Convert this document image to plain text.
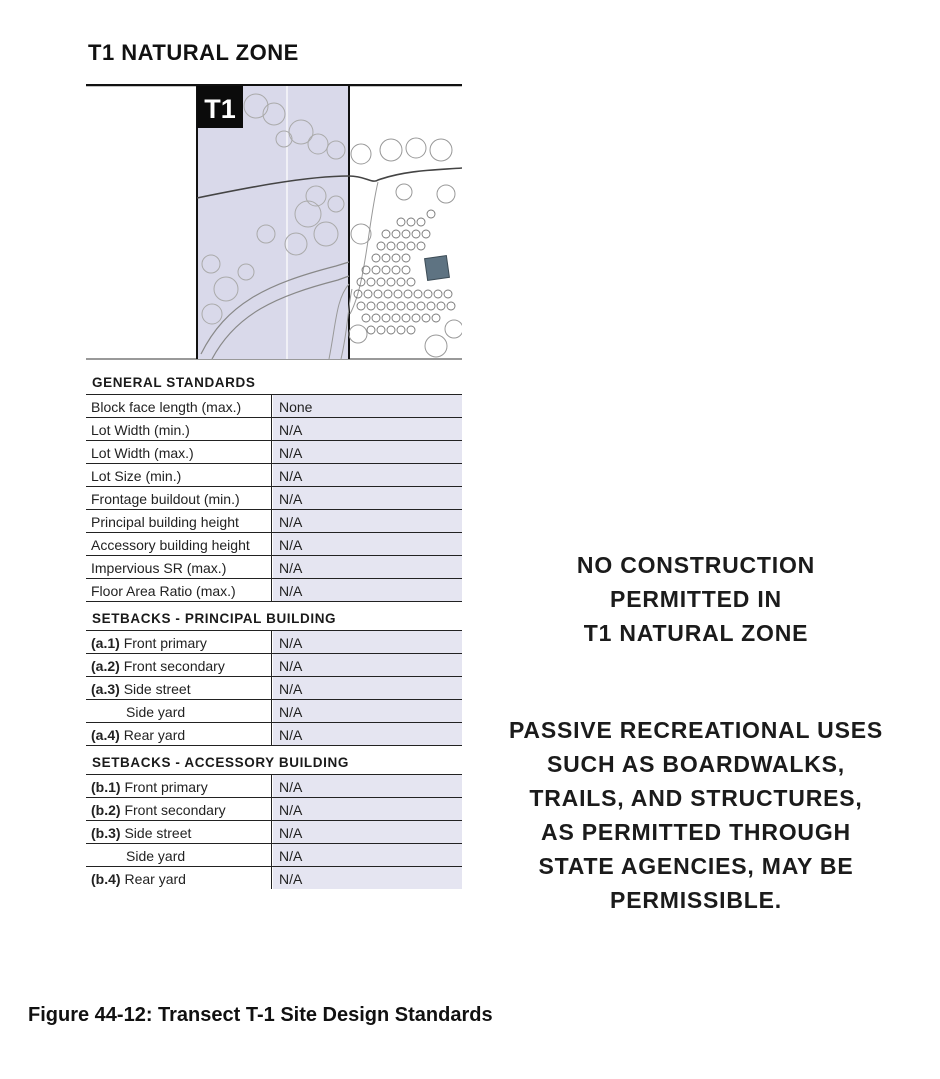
T1 NATURAL ZONE
T1
GENERAL STANDARDS
Block face length (max.)	None
Lot Width (min.)	N/A
Lot Width (max.)	N/A
Lot Size (min.)	N/A
Frontage buildout (min.)	N/A
Principal building height	N/A
Accessory building height	N/A
Impervious SR (max.)	N/A
Floor Area Ratio (max.)	N/A
SETBACKS - PRINCIPAL BUILDING
(a.1) Front primary	N/A
(a.2) Front secondary	N/A
(a.3) Side street	N/A
Side yard	N/A
(a.4) Rear yard	N/A
SETBACKS - ACCESSORY BUILDING
(b.1) Front primary	N/A
(b.2) Front secondary	N/A
(b.3) Side street	N/A
Side yard	N/A
(b.4) Rear yard	N/A
NO CONSTRUCTION
PERMITTED IN
T1 NATURAL ZONE
PASSIVE RECREATIONAL USES
SUCH AS BOARDWALKS,
TRAILS, AND STRUCTURES,
AS PERMITTED THROUGH
STATE AGENCIES, MAY BE
PERMISSIBLE.
Figure 44-12: Transect T-1 Site Design Standards
